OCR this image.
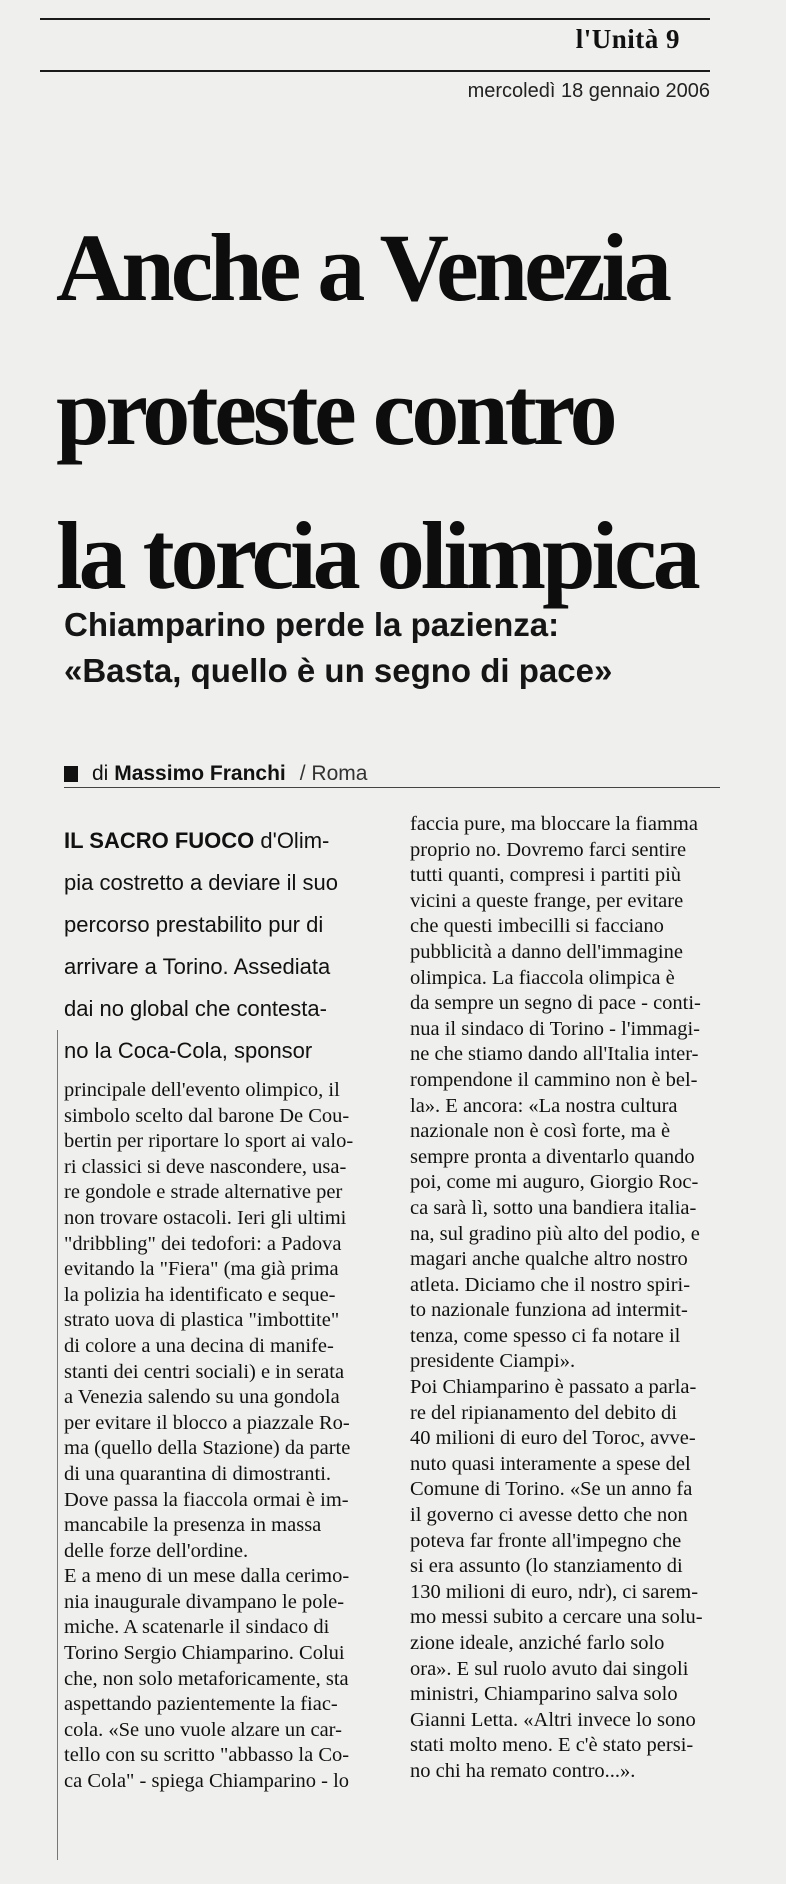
l'Unità 9
mercoledì 18 gennaio 2006
Anche a Venezia
proteste contro
la torcia olimpica
Chiamparino perde la pazienza:
«Basta, quello è un segno di pace»
di
Massimo Franchi / Roma

IL SACRO FUOCO d'Olim-
pia costretto a deviare il suo
percorso prestabilito pur di
arrivare a Torino. Assediata
dai no global che contesta-
no la Coca-Cola, sponsor

principale dell'evento olimpico, il
simbolo scelto dal barone De Cou-
bertin per riportare lo sport ai valo-
ri classici si deve nascondere, usa-
re gondole e strade alternative per
non trovare ostacoli. Ieri gli ultimi
"dribbling" dei tedofori: a Padova
evitando la "Fiera" (ma già prima
la polizia ha identificato e seque-
strato uova di plastica "imbottite"
di colore a una decina di manife-
stanti dei centri sociali) e in serata
a Venezia salendo su una gondola
per evitare il blocco a piazzale Ro-
ma (quello della Stazione) da parte
di una quarantina di dimostranti.
Dove passa la fiaccola ormai è im-
mancabile la presenza in massa
delle forze dell'ordine.
E a meno di un mese dalla cerimo-
nia inaugurale divampano le pole-
miche. A scatenarle il sindaco di
Torino Sergio Chiamparino. Colui
che, non solo metaforicamente, sta
aspettando pazientemente la fiac-
cola. «Se uno vuole alzare un car-
tello con su scritto "abbasso la Co-
ca Cola" - spiega Chiamparino - lo

faccia pure, ma bloccare la fiamma
proprio no. Dovremo farci sentire
tutti quanti, compresi i partiti più
vicini a queste frange, per evitare
che questi imbecilli si facciano
pubblicità a danno dell'immagine
olimpica. La fiaccola olimpica è
da sempre un segno di pace - conti-
nua il sindaco di Torino - l'immagi-
ne che stiamo dando all'Italia inter-
rompendone il cammino non è bel-
la». E ancora: «La nostra cultura
nazionale non è così forte, ma è
sempre pronta a diventarlo quando
poi, come mi auguro, Giorgio Roc-
ca sarà lì, sotto una bandiera italia-
na, sul gradino più alto del podio, e
magari anche qualche altro nostro
atleta. Diciamo che il nostro spiri-
to nazionale funziona ad intermit-
tenza, come spesso ci fa notare il
presidente Ciampi».
Poi Chiamparino è passato a parla-
re del ripianamento del debito di
40 milioni di euro del Toroc, avve-
nuto quasi interamente a spese del
Comune di Torino. «Se un anno fa
il governo ci avesse detto che non
poteva far fronte all'impegno che
si era assunto (lo stanziamento di
130 milioni di euro, ndr), ci sarem-
mo messi subito a cercare una solu-
zione ideale, anziché farlo solo
ora». E sul ruolo avuto dai singoli
ministri, Chiamparino salva solo
Gianni Letta. «Altri invece lo sono
stati molto meno. E c'è stato persi-
no chi ha remato contro...».
